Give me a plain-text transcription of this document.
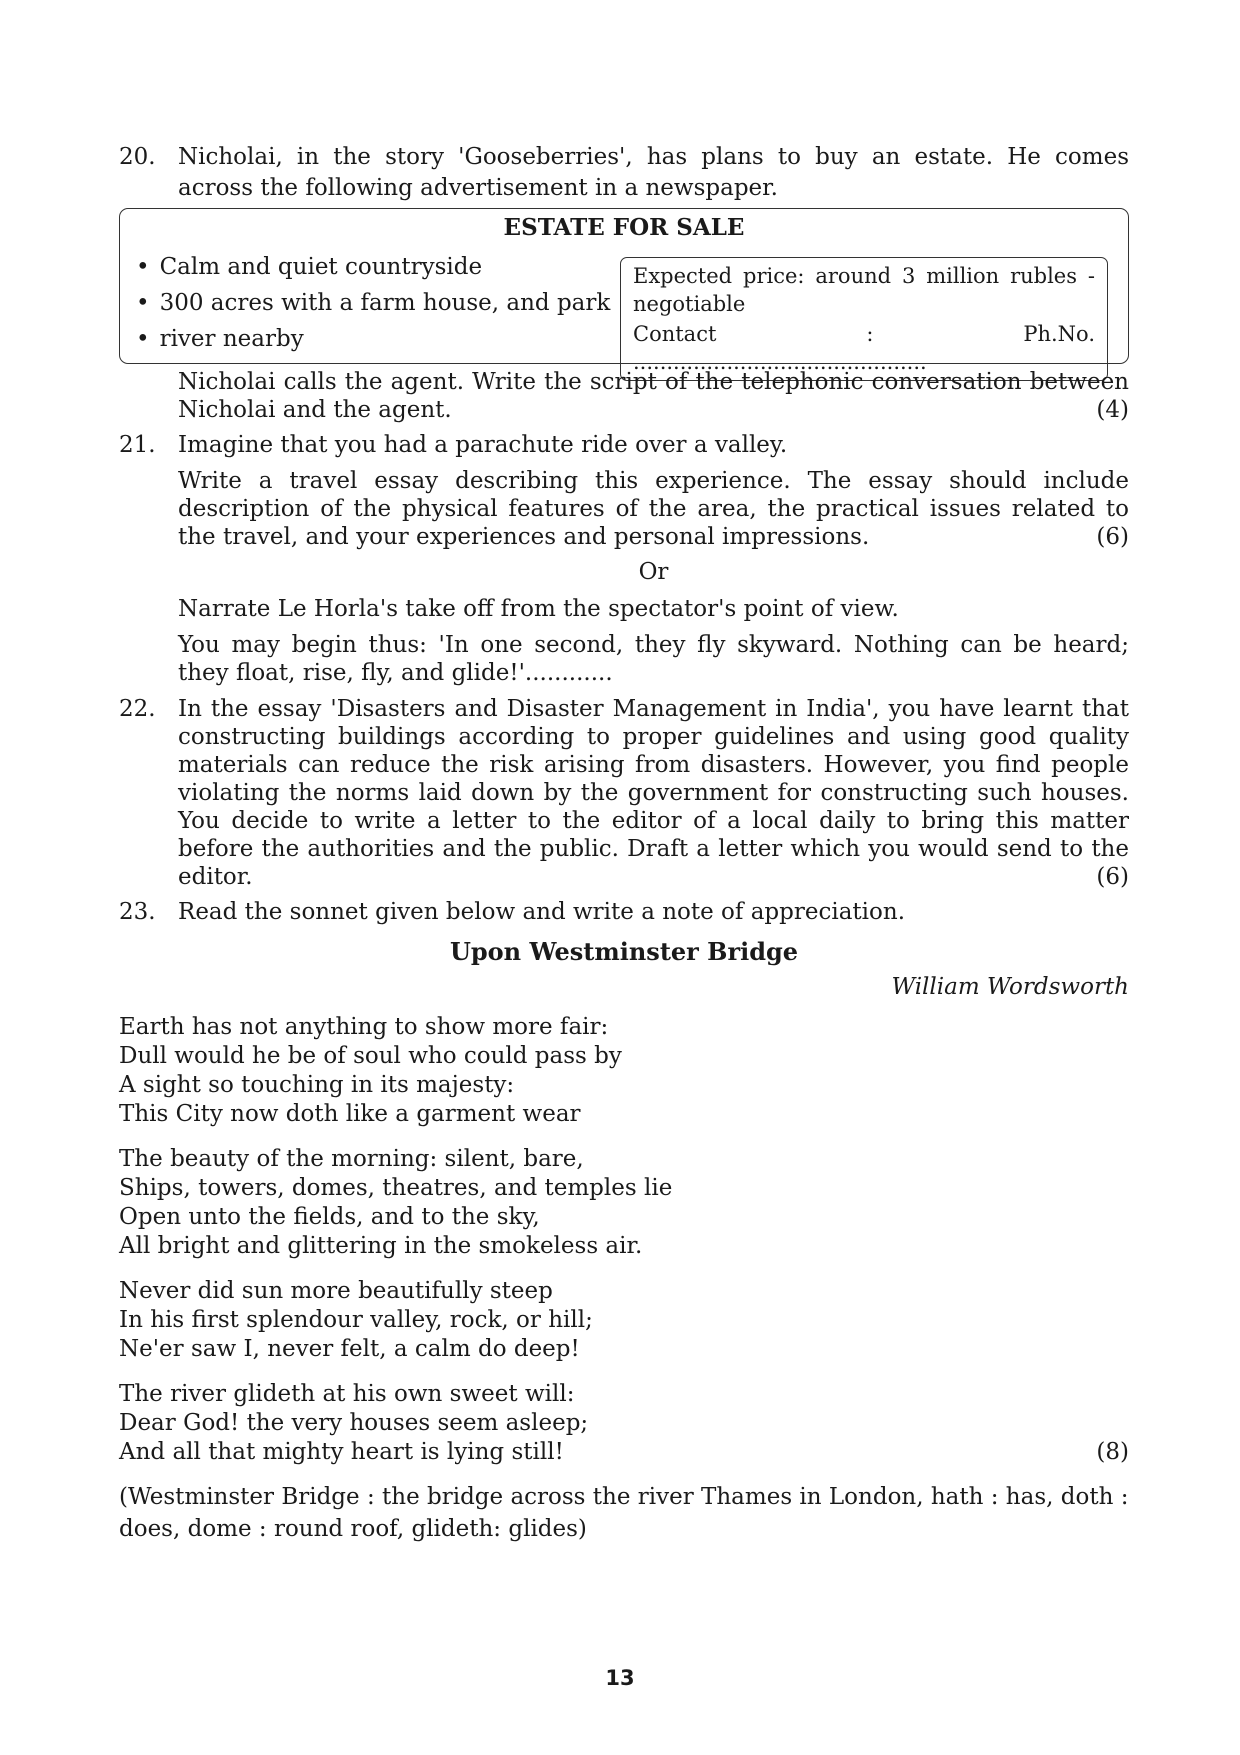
20. Nicholai, in the story 'Gooseberries', has plans to buy an estate. He comes across the following advertisement in a newspaper.

ESTATE FOR SALE
• Calm and quiet countryside
• 300 acres with a farm house, and park
• river nearby
Expected price: around 3 million rubles - negotiable
Contact : Ph.No. ............................................

Nicholai calls the agent. Write the script of the telephonic conversation between Nicholai and the agent.	(4)

21. Imagine that you had a parachute ride over a valley.

Write a travel essay describing this experience. The essay should include description of the physical features of the area, the practical issues related to the travel, and your experiences and personal impressions.	(6)

Or

Narrate Le Horla's take off from the spectator's point of view.

You may begin thus: 'In one second, they fly skyward. Nothing can be heard; they float, rise, fly, and glide!'............

22. In the essay 'Disasters and Disaster Management in India', you have learnt that constructing buildings according to proper guidelines and using good quality materials can reduce the risk arising from disasters. However, you find people violating the norms laid down by the government for constructing such houses. You decide to write a letter to the editor of a local daily to bring this matter before the authorities and the public. Draft a letter which you would send to the editor.	(6)

23. Read the sonnet given below and write a note of appreciation.

Upon Westminster Bridge
William Wordsworth
Earth has not anything to show more fair:
Dull would he be of soul who could pass by
A sight so touching in its majesty:
This City now doth like a garment wear
The beauty of the morning: silent, bare,
Ships, towers, domes, theatres, and temples lie
Open unto the fields, and to the sky,
All bright and glittering in the smokeless air.
Never did sun more beautifully steep
In his first splendour valley, rock, or hill;
Ne'er saw I, never felt, a calm do deep!
The river glideth at his own sweet will:
Dear God! the very houses seem asleep;
And all that mighty heart is lying still!	(8)
(Westminster Bridge : the bridge across the river Thames in London, hath : has, doth : does, dome : round roof, glideth: glides)
13
